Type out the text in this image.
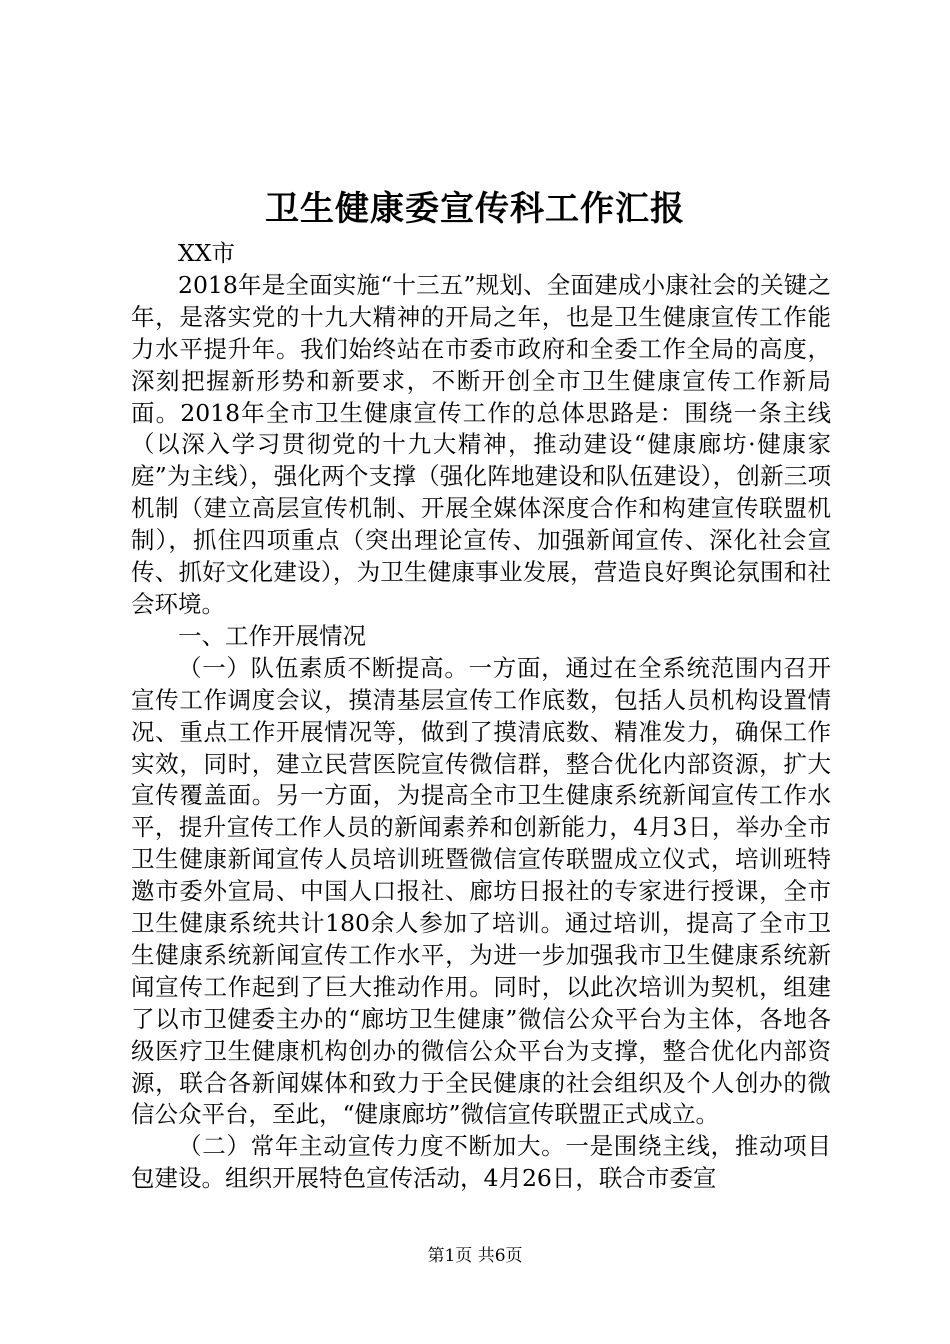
卫生健康委宣传科工作汇报

XX市

2018年是全面实施“十三五”规划、全面建成小康社会的关键之年，是落实党的十九大精神的开局之年，也是卫生健康宣传工作能力水平提升年。我们始终站在市委市政府和全委工作全局的高度，深刻把握新形势和新要求，不断开创全市卫生健康宣传工作新局面。2018年全市卫生健康宣传工作的总体思路是：围绕一条主线（以深入学习贯彻党的十九大精神，推动建设“健康廊坊·健康家庭”为主线），强化两个支撑（强化阵地建设和队伍建设），创新三项机制（建立高层宣传机制、开展全媒体深度合作和构建宣传联盟机制），抓住四项重点（突出理论宣传、加强新闻宣传、深化社会宣传、抓好文化建设），为卫生健康事业发展，营造良好舆论氛围和社会环境。

一、工作开展情况

（一）队伍素质不断提高。一方面，通过在全系统范围内召开宣传工作调度会议，摸清基层宣传工作底数，包括人员机构设置情况、重点工作开展情况等，做到了摸清底数、精准发力，确保工作实效，同时，建立民营医院宣传微信群，整合优化内部资源，扩大宣传覆盖面。另一方面，为提高全市卫生健康系统新闻宣传工作水平，提升宣传工作人员的新闻素养和创新能力，4月3日，举办全市卫生健康新闻宣传人员培训班暨微信宣传联盟成立仪式，培训班特邀市委外宣局、中国人口报社、廊坊日报社的专家进行授课，全市卫生健康系统共计180余人参加了培训。通过培训，提高了全市卫生健康系统新闻宣传工作水平，为进一步加强我市卫生健康系统新闻宣传工作起到了巨大推动作用。同时，以此次培训为契机，组建了以市卫健委主办的“廊坊卫生健康”微信公众平台为主体，各地各级医疗卫生健康机构创办的微信公众平台为支撑，整合优化内部资源，联合各新闻媒体和致力于全民健康的社会组织及个人创办的微信公众平台，至此，“健康廊坊”微信宣传联盟正式成立。

（二）常年主动宣传力度不断加大。一是围绕主线，推动项目包建设。组织开展特色宣传活动，4月26日，联合市委宣

第1页 共6页
